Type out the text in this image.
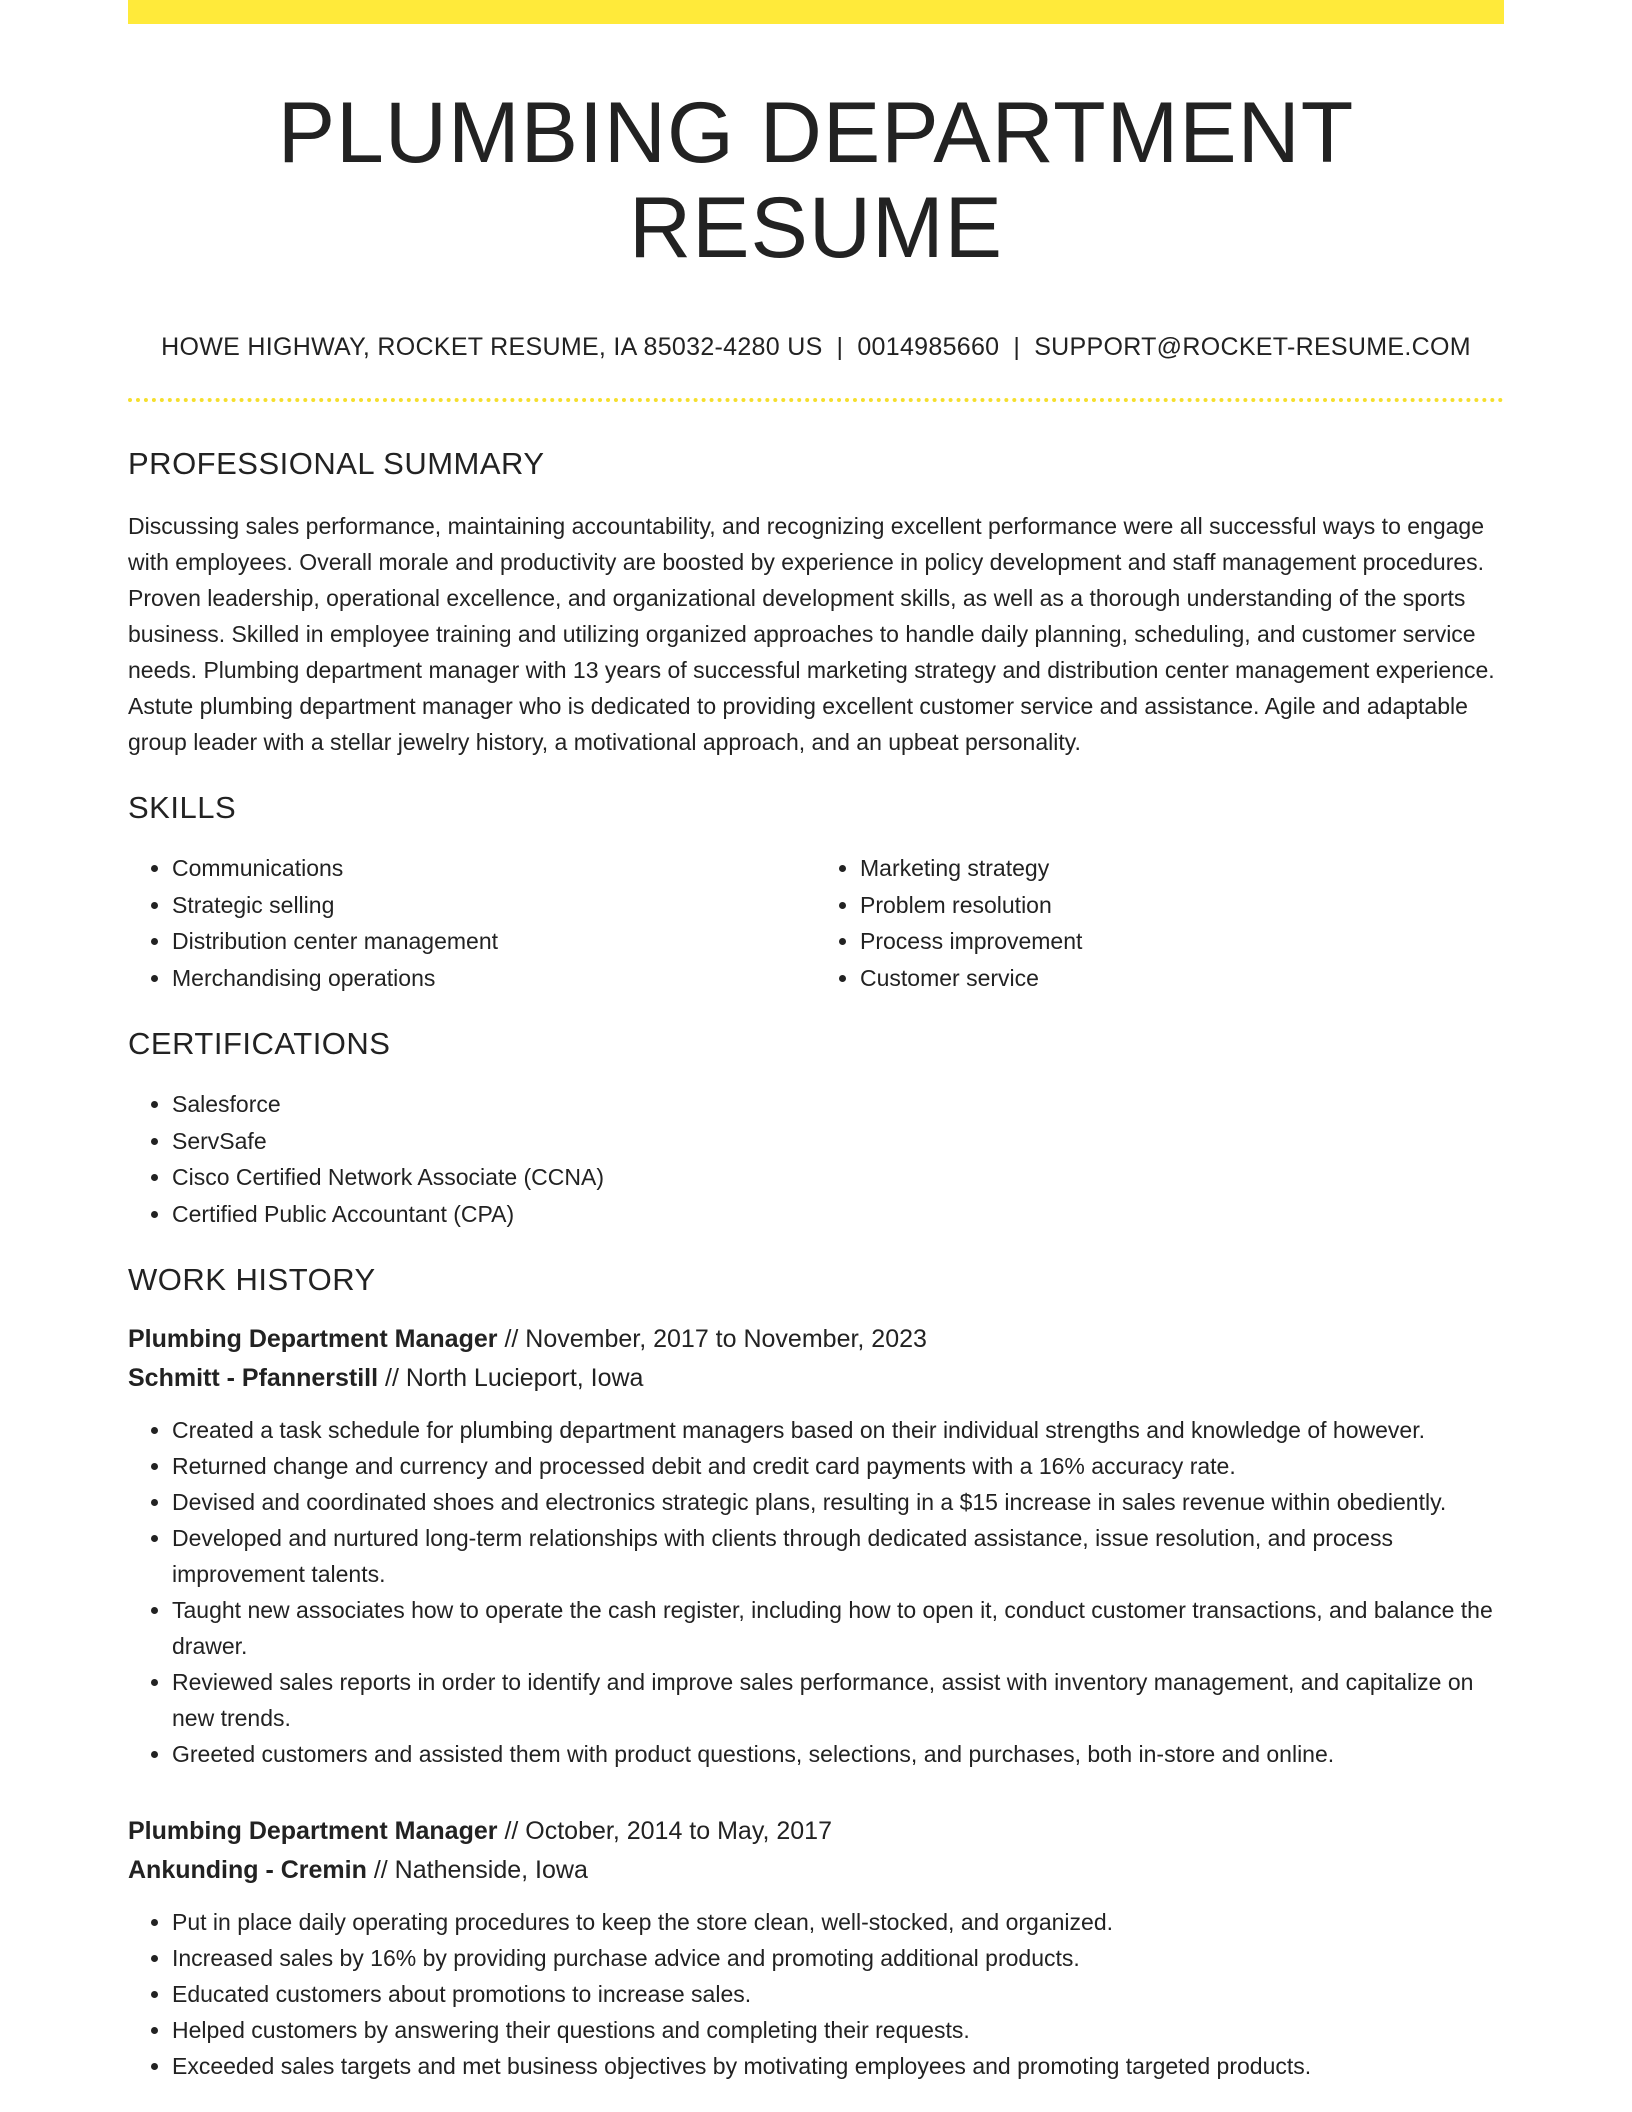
PLUMBING DEPARTMENT RESUME
HOWE HIGHWAY, ROCKET RESUME, IA 85032-4280 US | 0014985660 | SUPPORT@ROCKET-RESUME.COM
PROFESSIONAL SUMMARY

Discussing sales performance, maintaining accountability, and recognizing excellent performance were all successful ways to engage with employees. Overall morale and productivity are boosted by experience in policy development and staff management procedures. Proven leadership, operational excellence, and organizational development skills, as well as a thorough understanding of the sports business. Skilled in employee training and utilizing organized approaches to handle daily planning, scheduling, and customer service needs. Plumbing department manager with 13 years of successful marketing strategy and distribution center management experience. Astute plumbing department manager who is dedicated to providing excellent customer service and assistance. Agile and adaptable group leader with a stellar jewelry history, a motivational approach, and an upbeat personality.

SKILLS
• Communications
• Strategic selling
• Distribution center management
• Merchandising operations
• Marketing strategy
• Problem resolution
• Process improvement
• Customer service
CERTIFICATIONS
• Salesforce
• ServSafe
• Cisco Certified Network Associate (CCNA)
• Certified Public Accountant (CPA)
WORK HISTORY
Plumbing Department Manager // November, 2017 to November, 2023
Schmitt - Pfannerstill // North Lucieport, Iowa
• Created a task schedule for plumbing department managers based on their individual strengths and knowledge of however.
• Returned change and currency and processed debit and credit card payments with a 16% accuracy rate.
• Devised and coordinated shoes and electronics strategic plans, resulting in a $15 increase in sales revenue within obediently.
• Developed and nurtured long-term relationships with clients through dedicated assistance, issue resolution, and process improvement talents.
• Taught new associates how to operate the cash register, including how to open it, conduct customer transactions, and balance the drawer.
• Reviewed sales reports in order to identify and improve sales performance, assist with inventory management, and capitalize on new trends.
• Greeted customers and assisted them with product questions, selections, and purchases, both in-store and online.
Plumbing Department Manager // October, 2014 to May, 2017
Ankunding - Cremin // Nathenside, Iowa
• Put in place daily operating procedures to keep the store clean, well-stocked, and organized.
• Increased sales by 16% by providing purchase advice and promoting additional products.
• Educated customers about promotions to increase sales.
• Helped customers by answering their questions and completing their requests.
• Exceeded sales targets and met business objectives by motivating employees and promoting targeted products.
